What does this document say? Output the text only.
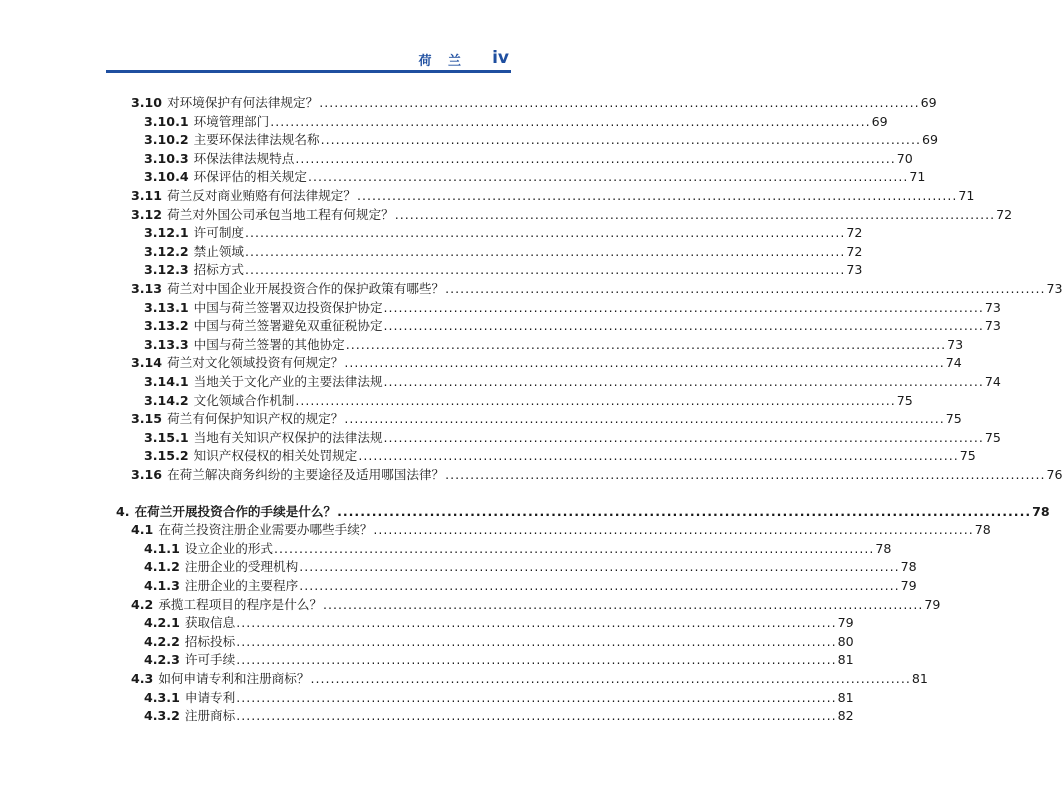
荷 兰 iv
3.10 对环境保护有何法律规定？ ........................................................................................................................ 69
3.10.1 环境管理部门 ........................................................................................................................ 69
3.10.2 主要环保法律法规名称 ........................................................................................................................ 69
3.10.3 环保法律法规特点 ........................................................................................................................ 70
3.10.4 环保评估的相关规定 ........................................................................................................................ 71
3.11 荷兰反对商业贿赂有何法律规定？ ........................................................................................................................ 71
3.12 荷兰对外国公司承包当地工程有何规定？ ........................................................................................................................ 72
3.12.1 许可制度 ........................................................................................................................ 72
3.12.2 禁止领域 ........................................................................................................................ 72
3.12.3 招标方式 ........................................................................................................................ 73
3.13 荷兰对中国企业开展投资合作的保护政策有哪些？ ........................................................................................................................ 73
3.13.1 中国与荷兰签署双边投资保护协定 ........................................................................................................................ 73
3.13.2 中国与荷兰签署避免双重征税协定 ........................................................................................................................ 73
3.13.3 中国与荷兰签署的其他协定 ........................................................................................................................ 73
3.14 荷兰对文化领域投资有何规定？ ........................................................................................................................ 74
3.14.1 当地关于文化产业的主要法律法规 ........................................................................................................................ 74
3.14.2 文化领域合作机制 ........................................................................................................................ 75
3.15 荷兰有何保护知识产权的规定？ ........................................................................................................................ 75
3.15.1 当地有关知识产权保护的法律法规 ........................................................................................................................ 75
3.15.2 知识产权侵权的相关处罚规定 ........................................................................................................................ 75
3.16 在荷兰解决商务纠纷的主要途径及适用哪国法律？ ........................................................................................................................ 76
4. 在荷兰开展投资合作的手续是什么？ ........................................................................................................................ 78
4.1 在荷兰投资注册企业需要办哪些手续？ ........................................................................................................................ 78
4.1.1 设立企业的形式 ........................................................................................................................ 78
4.1.2 注册企业的受理机构 ........................................................................................................................ 78
4.1.3 注册企业的主要程序 ........................................................................................................................ 79
4.2 承揽工程项目的程序是什么？ ........................................................................................................................ 79
4.2.1 获取信息 ........................................................................................................................ 79
4.2.2 招标投标 ........................................................................................................................ 80
4.2.3 许可手续 ........................................................................................................................ 81
4.3 如何申请专利和注册商标？ ........................................................................................................................ 81
4.3.1 申请专利 ........................................................................................................................ 81
4.3.2 注册商标 ........................................................................................................................ 82
